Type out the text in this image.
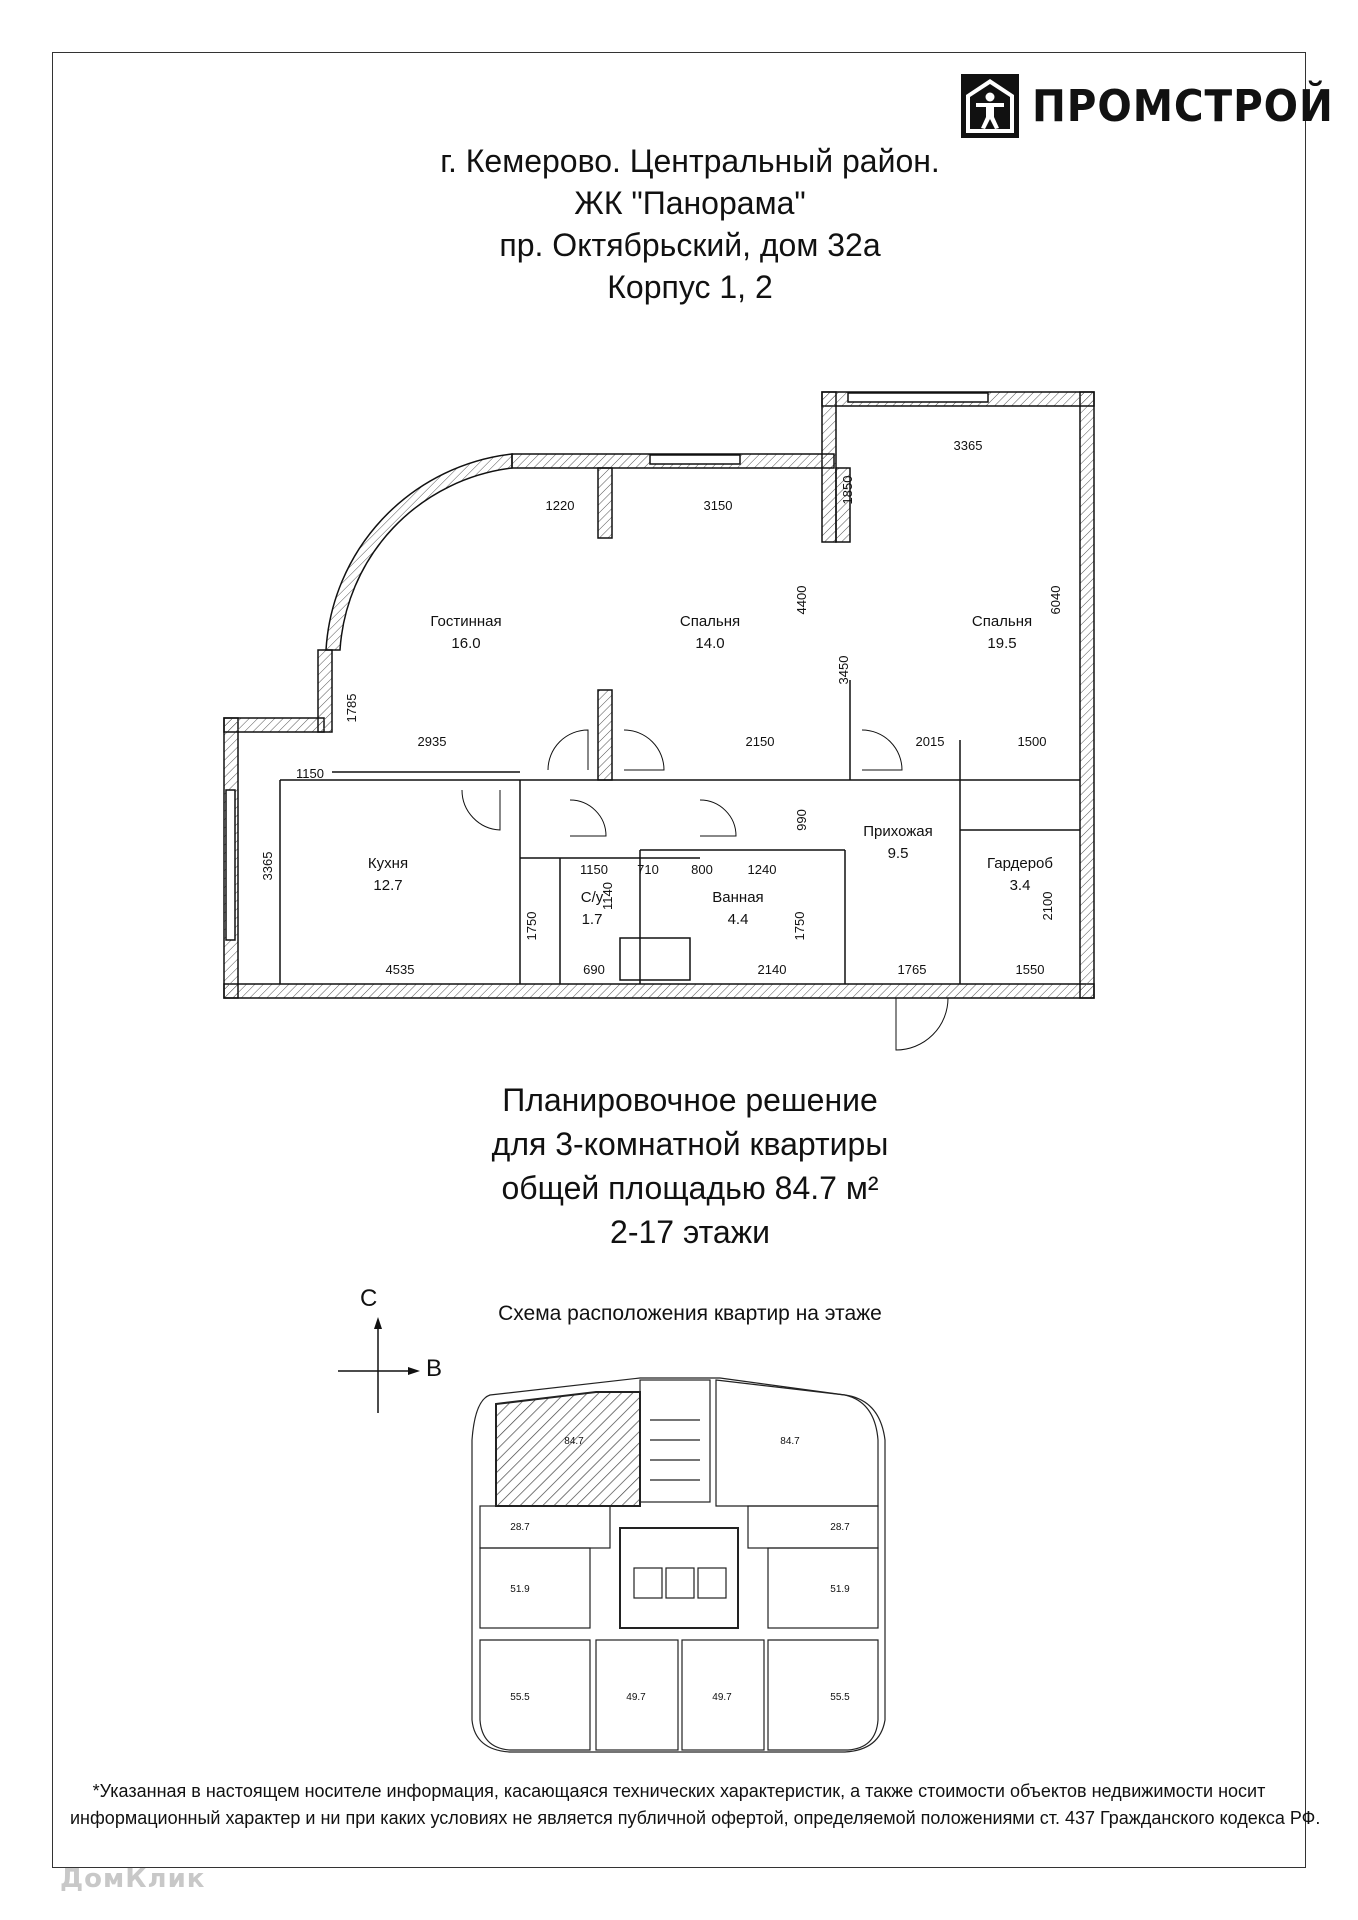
ПРОМСТРОЙ
г. Кемерово. Центральный район.
ЖК "Панорама"
пр. Октябрьский, дом 32а
Корпус 1, 2
Гостинная
16.0
Спальня
14.0
Спальня
19.5
Кухня
12.7
С/у
1.7
Ванная
4.4
Прихожая
9.5
Гардероб
3.4
3365
1220	3150
1850
6040
4400
3450
1785
2935	2150	2015	1500
1150
3365
990
1150 710 800	1240
1140
1750	1750
2100
4535	690	2140	1765	1550
Планировочное решение
для 3-комнатной квартиры
общей площадью 84.7 м²
2-17 этажи
С
В
Схема расположения квартир на этаже
84.7	84.7
28.7	28.7
51.9	51.9
55.5	49.7	49.7	55.5
*Указанная в настоящем носителе информация, касающаяся технических характеристик, а также стоимости объектов недвижимости носит
информационный характер и ни при каких условиях не является публичной офертой, определяемой положениями ст. 437 Гражданского кодекса РФ.
ДомКлик
